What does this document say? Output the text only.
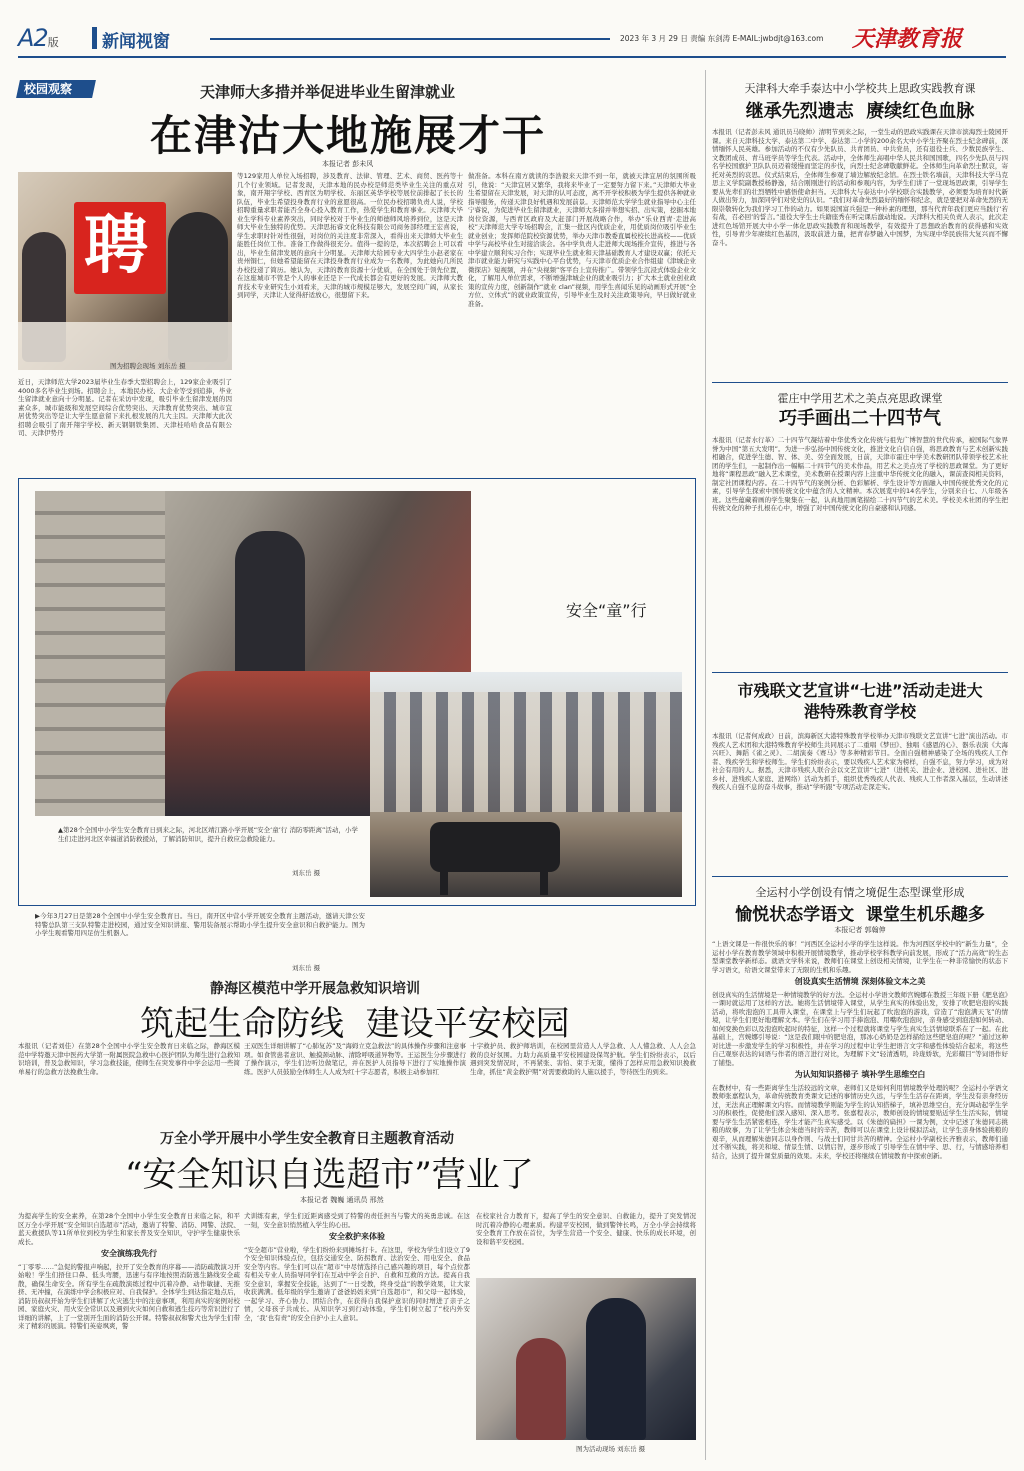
A2版	新闻视窗	2023 年 3 月 29 日 责编 东剑涛 E-MAIL:jwbdjt@163.com 天津教育报
校园观察	天津师大多措并举促进毕业生留津就业
在津沽大地施展才干
本报记者 彭未风
聘
图为招聘会现场 刘东岳 摄

近日，天津师范大学2023届毕业生春季大型招聘会上，129家企业吸引了4000多名毕业生到场。招聘会上，本地民办校、大企业等受到追捧，毕业生留津就业意向十分明显。记者在采访中发现，吸引毕业生留津发展的因素众多，城市能级和发展空间综合优势突出、天津教育优势突出、城市宜居优势突出等是让大学生愿意留下来扎根发展的几大主因。天津师大此次招聘会吸引了南开翔宇学校、新天钢钢铁集团、天津桂哈哈食品有限公司、天津伊势丹

等129家用人单位入场招聘，涉及教育、法律、管理、艺术、商贸、医药等十几个行业领域。记者发现，天津本地的民办校是师范类毕业生关注的重点对象，南开翔宇学校、西青区为明学校、东丽区英华学校等展位前排起了长长的队伍，毕业生希望投身教育行业的意愿很高。一位民办校招聘负责人说，学校招聘重量求职者能否全身心投入教育工作，热爱学生和教育事业。天津师大毕业生学科专业素养突出，同时学校对于毕业生的师德师风培养到位，这是天津师大毕业生独特的优势。天津思拓睿文化科技有限公司商务部经理王宏喜说，学生求职时针对性很强，对岗位的关注度非常深入，看得出来天津师大毕业生能胜任岗位工作。准备工作做得很充分。值得一提的是，本次招聘会上可以看出，毕业生留津发展的意向十分明显。天津师大给园专业大四学生小赵老家在贵州铜仁，但她希望能留在天津投身教育行业成为一名教师，为此她向几所民办校投递了简历。她认为，天津的教育资源十分优质，在全国处于领先位置，在这座城市不管是个人的事业还是下一代成长都会有更好的发展。天津师大教育技术专业研究生小刘看来，天津的城市规模足够大，发展空间广阔，从家长到同学，天津让人觉得舒适放心，很想留下来。

做准备。本科在南方就读的李浩毅来天津不到一年，就被天津宜居的氛围所吸引，他说：“天津宜居又繁华，我将来毕业了一定要努力留下来。”天津师大毕业生希望留在天津发展，对天津的认可态度，离不开学校积极为学生提供各种就业指导服务，传递天津良好机遇和发展前景。天津师范大学学生就业指导中心主任宁睿说，为促进毕业生留津就业，天津师大多措并举想实招、出实策，挖掘本地岗位资源，与西青区政府及大赶部门开展战略合作，举办“乐业西青·走进高校”天津师范大学专场招聘会，汇集一批区内优质企业，用优质岗位吸引毕业生就业创业；发挥师范院校资源优势，举办天津市教委直属校校长进高校——优质中学与高校毕业生对接洽谈会。各中学负责人走进师大现场推介宣传，推进与各中学建立顺利实习合作；实现毕业生就业和天津基础教育人才建设双赢；依托天津市就业能力研究与实践中心平台优势，与天津市优质企业合作组建《津城企业微探店》短视频，并在“央视频”客平台上宣传推广。带领学生沉浸式体验企业文化，了解用人单位需求，不断增强津城企业的就业吸引力；扩大本土就业创业政策的宣传力度，创新制作“就业 clan”视频，用学生喜闻乐见的动画形式开展“全方位、立体式”的就业政策宣传，引导毕业生及时关注政策导向，早日做好就业准备。

安全“童”行

▲第28个全国中小学生安全教育日到来之际，河北区靖江路小学开展“安全‘童’行 消防零距离”活动，小学生们走进河北区幸福道消防救援站，了解消防知识，提升自救应急救险能力。

刘东岳 摄

▶今年3月27日是第28个全国中小学生安全教育日。当日，南开区中营小学开展安全教育主题活动，邀请天津公安特警总队第三支队特警走进校园，通过安全知识讲座、警用装备展示帮助小学生提升安全意识和自救护能力。图为小学生观看警用四足仿生机器人。

刘东岳 摄
静海区模范中学开展急救知识培训
筑起生命防线  建设平安校园

本报讯（记者刘佳）在第28个全国中小学生安全教育日来临之际，静海区模范中学特邀天津中医药大学第一附属医院急救中心医护团队为师生进行急救知识培训，普及急救知识，学习急救技能，使师生在突发事件中学会运用一些简单易行的急救方法挽救生命。

王双医生详细讲解了“心肺复苏”及“海姆立克急救法”的具体操作步骤和注意事项。如食管患者意识、触摸颈动脉、清除呼吸道异物等。王运医生分步骤进行了操作演示，学生们边听边做笔记，并在医护人员指导下进行了实地操作演练。医护人员鼓励全体师生人人成为红十字志愿者，积极主动参加红

十字救护员、救护师培训，在校园里营造人人学急救、人人懂急救、人人会急救的良好氛围。力助力高质量平安校园建设保驾护航。学生们纷纷表示，以后遇到突发情况时，不再紧张、害怕、束手无策，懂得了怎样应用急救知识挽救生命，抓住“黄金救护期”对需要救助的人施以援手，等待医生的到来。

万全小学开展中小学生安全教育日主题教育活动
“安全知识自选超市”营业了
本报记者 魏巍 通讯员 邢然
为提高学生的安全素养，在第28个全国中小学生安全教育日来临之际，和平区万全小学开展“安全知识自选超市”活动，邀请了特警、消防、网警、法院、蓝天救援队等11所单位到校为学生和家长普及安全知识，守护学生健康快乐成长。
安全演练我先行
“丁零零……”急促的警报声响起，拉开了安全教育的序幕——消防疏散演习开始啦！学生们捂住口鼻、低头弯腰，迅速与有序地按照消防逃生路线安全疏散，确保生命安全。所有学生在疏散演练过程中沉着冷静、动作敏捷、无推挤、无冲撞，在演练中学会积极应对、自我保护。全体学生到达指定地点后，消防员叔叔开始为学生们讲解了火灾逃生中的注意事项，利用真实的案例对校园、家庭火灾、用火安全常识以及遇到火灾如何自救和逃生技巧等常识进行了详细的讲解，上了一堂别开生面的消防公开课。特警叔叔和警犬也为学生们带来了精彩的展演。特警们英姿飒爽，警
犬训练有素，学生们近距离感受到了特警的责任担当与警犬的英勇忠诚。在这一刻，安全意识悄然植入学生的心田。
安全救护来体验
“安全超市”营业啦，学生们纷纷来到摊场打卡。在这里，学校为学生们设立了9个安全知识体验点位，包括交通安全、防拐教育、法治安全、用电安全、食品安全等内容。学生们可以在“超市”中尽情选择自己感兴趣的项目，每个点位都有相关专业人员指导同学们在互动中学会自护、自救和互救的方法。提高自我安全意识，掌握安全技能，达到了“一日受教，终身受益”的教学效果，让大家收获满满。低年级的学生邀请了爸爸妈妈来到“自选超市”，和父母一起体验，一起学习、齐心协力、团结合作，在获得自我保护意识的同时增进了亲子之情，父母孩子共成长。从知识学习到行动体验，学生们树立起了“校内外安全，‘我’也有责”的安全自护小主人意识。

在校家社合力教育下，提高了学生的安全意识、自救能力，提升了突发情况时沉着冷静的心理素质。构建平安校园，做到警钟长鸣，万全小学会持续将安全教育工作放在首位，为学生营造一个安全、健康、快乐的成长环境，创设和谐平安校园。

图为活动现场 刘东岳 摄
天津科大牵手泰达中小学校共上思政实践教育课
继承先烈遗志  赓续红色血脉

本报讯（记者彭未风 通讯员马晓帅）清明节到来之际，一堂生动的思政实践课在天津市滨海烈士陵园开课。来自天津科技大学、泰达第二中学、泰达第二小学的200余名大中小学生齐聚在烈士纪念碑前，深情缅怀人民英雄。参加活动的不仅有少先队员、共青团员、中共党员，还有退役士兵、少数民族学生、文教团成员、青马班学员等学生代表。活动中，全体师生高唱中华人民共和国国歌，四名少先队员与四名学校国旗护卫队队员迈着缓慢而坚定的步伐，向烈士纪念碑敬献鲜花。全体师生向革命烈士默哀，寄托对英烈的哀思。仪式结束后，全体师生参观了墙边解放纪念馆。在烈士铁名墙前，天津科技大学马克思主义学院副教授杨静逸，结合刚刚进行的活动和参观内容，为学生们讲了一堂现场思政课，引导学生要从先辈们的壮烈牺牲中感悟使命担当。天津科大与泰达中小学校联合实践教学，必须要为培育时代新人做出努力，加深同学们对党史的认识。“我们对革命先烈最好的缅怀和纪念，就是要把对革命先烈的无限崇敬转化为我们学习工作的动力。如果说国富兵强是一种朴素的理想，那当代青年我们更应当践行‘若有战，召必回’的誓言。”退役大学生士兵籍座秀在听完课后激动地说。天津科大相关负责人表示，此次走进红色场馆开展大中小学一体化思政实践教育和现场教学，有效提升了思想政治教育的获得感和实效性，引导青少年赓续红色基因，汲取前进力量，把青春梦融入中国梦，为实现中华民族伟大复兴而不懈奋斗。

霍庄中学用艺术之美点亮思政课堂
巧手画出二十四节气

本报讯（记者水行革）二十四节气凝结着中华优秀文化传统与祖先广博智慧的世代传承，被国际气象界誉为中国“第五大发明”。为进一步弘扬中国传统文化，推进文化自信自强，将思政教育与艺术创新实践相融合，促进学生德、智、体、美、劳全面发展，日前，天津市霍庄中学美术教研团队带领学校艺术社团的学生们，一起制作出一幅幅二十四节气的美术作品，用艺术之美点亮了学校的思政课堂。为了更好地将“课程思政”融入艺术课堂，美术教研在授课内容上注重中华传统文化的融入，课前查阅相关资料，制定社团课程内容。在二十四节气的案例分析、色彩解析、学生设计等方面融入中国传统优秀文化的元素，引导学生探索中国传统文化中蕴含的人文精神。本次展览中的14名学生，分别来自七、八年级各班。这些蕴藏着画的学生聚集在一起，认真地用画笔描绘二十四节气的艺术美。学校美术社团的学生把传统文化的种子扎根在心中，增强了对中国传统文化的自豪感和认同感。

市残联文艺宣讲“七进”活动走进大港特殊教育学校

本报讯（记者何成政）日前，滨海新区大港特殊教育学校举办天津市残联文艺宣讲“七进”演出活动。市残疾人艺术团和大港特殊教育学校师生共同展示了二重唱《梦田》、独唱《感恩的心》、器乐表演《大海兴旺》、舞蹈《雀之灵》、二胡演奏《赛马》等多种精彩节目。全面自强精神感染了全场的残疾人工作者、残疾学生和学校师生。学生们纷纷表示，要以残疾人艺术家为榜样，自强不息，努力学习，成为对社会有用的人。据悉，天津市残疾人联合会以文艺宣讲“七进”（进机关、进企业、进校园、进社区、进乡村、进残疾人家庭、进网络）活动为抓手，组织优秀残疾人代表、残疾人工作者深入基层，生动讲述残疾人自强不息的奋斗故事，推动“学听跟”专项活动走深走实。

全运村小学创设有情之境促生态型课堂形成
愉悦状态学语文  课堂生机乐趣多
本报记者 郭翰伸
“上语文课是一件很快乐的事！”河西区全运村小学的学生这样说。作为河西区学校中的“新生力量”，全运村小学在教育教学领域中积极开展情境教学，推动学校学科教学向前发展，形成了“活力高效”的生态型课堂教学新样态。就语文学科来说，教师们在课堂上创设相关情境，让学生在一种非常愉快的状态下学习语文，给语文课堂带来了无限的生机和乐趣。
创设真实生活情境 深刻体验文本之美
创设真实的生活情境是一种情境教学的好方法。全运村小学语文教师宫婉娜在教授三年级下册《肥皂泡》一课时就运用了这样的方法。她将生活情境带入课堂，从学生真实的体验出发，安排了吹肥皂泡的实践活动，将吹泡泡的工具带入课堂，在课堂上与学生们玩起了吹泡泡的游戏，营造了“泡泡满天飞”的情境，让学生们更好地理解文本。学生们在学习用手捧泡泡、用嘴吹泡泡时，亲身感受到泡泡如何转动、如何变换色彩以及泡泡吹起时的特征，这样一个过程就将课堂与学生真实生活情境联系在了一起。在此基础上，宫婉娜引导说：“这是我们眼中的肥皂泡，那冰心奶奶是怎样描绘这些肥皂泡的呢？”通过这种对比进一步激发学生的学习积极性，并在学习的过程中让学生把语言文字和感性体验结合起来，将这些自己观察表达的词语与作者的语言进行对比，为理解下文“轻清透明，玲珑娇软，光彩耀目”等词语作好了铺垫。
为认知知识搭梯子 填补学生思维空白
在教材中，有一些距离学生生活较远的文章，老师们又是如何利用情境教学处理的呢？全运村小学语文教师张嘉程认为，革命传统教育类课文记述的事情历史久远，与学生生活存在距离，学生没有亲身经历过，无法真正理解课文内容。而情境教学则能为学生的认知搭梯子，填补思维空白，充分调动起学生学习的积极性，促使他们深入感知、深入思考。张嘉程表示，教师创设的情境要贴近学生生活实际，情境要与学生生活紧密相连，学生才能产生真实感受。以《朱德的扁担》一课为例，文中记述了朱德同志挑粮的故事，为了让学生体会朱德当时的辛苦，教师可以在课堂上设计模拟活动，让学生亲身体验挑粮的艰辛，从而理解朱德同志以身作则、与战士们同甘共苦的精神。全运村小学副校长齐雅表示，教师们通过不断实践，将美和境、情景生情、以情启智，逐步形成了引导学生在情中学、思、行，与情感培养相结合，达到了提升课堂质量的效果。未来，学校还将继续在情境教育中探索创新。
